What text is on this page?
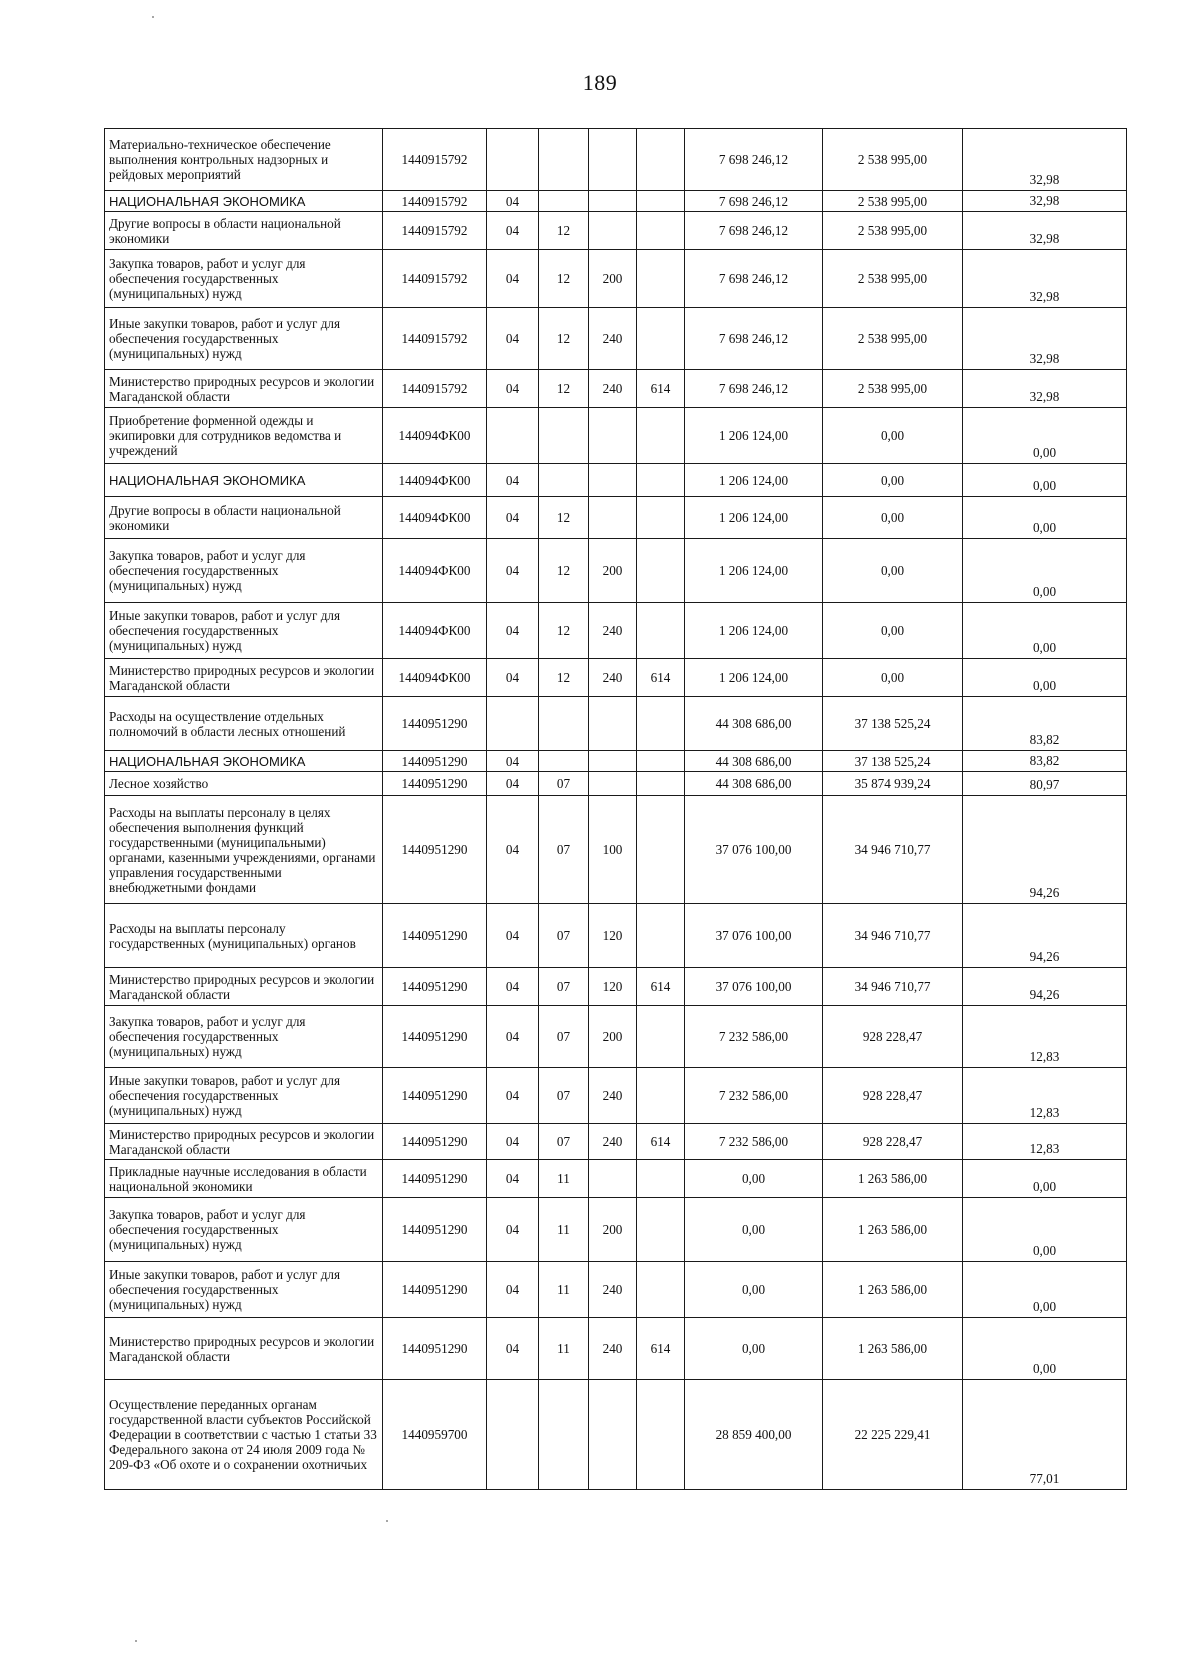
189
Материально-техническое обеспечение выполнения контрольных надзорных и рейдовых мероприятий	1440915792					7 698 246,12	2 538 995,00	32,98
НАЦИОНАЛЬНАЯ ЭКОНОМИКА	1440915792	04				7 698 246,12	2 538 995,00	32,98
Другие вопросы в области национальной экономики	1440915792	04	12			7 698 246,12	2 538 995,00	32,98
Закупка товаров, работ и услуг для обеспечения государственных (муниципальных) нужд	1440915792	04	12	200		7 698 246,12	2 538 995,00	32,98
Иные закупки товаров, работ и услуг для обеспечения государственных (муниципальных) нужд	1440915792	04	12	240		7 698 246,12	2 538 995,00	32,98
Министерство природных ресурсов и экологии Магаданской области	1440915792	04	12	240	614	7 698 246,12	2 538 995,00	32,98
Приобретение форменной одежды и экипировки для сотрудников ведомства и учреждений	144094ФК00					1 206 124,00	0,00	0,00
НАЦИОНАЛЬНАЯ ЭКОНОМИКА	144094ФК00	04				1 206 124,00	0,00	0,00
Другие вопросы в области национальной экономики	144094ФК00	04	12			1 206 124,00	0,00	0,00
Закупка товаров, работ и услуг для обеспечения государственных (муниципальных) нужд	144094ФК00	04	12	200		1 206 124,00	0,00	0,00
Иные закупки товаров, работ и услуг для обеспечения государственных (муниципальных) нужд	144094ФК00	04	12	240		1 206 124,00	0,00	0,00
Министерство природных ресурсов и экологии Магаданской области	144094ФК00	04	12	240	614	1 206 124,00	0,00	0,00
Расходы на осуществление отдельных полномочий в области лесных отношений	1440951290					44 308 686,00	37 138 525,24	83,82
НАЦИОНАЛЬНАЯ ЭКОНОМИКА	1440951290	04				44 308 686,00	37 138 525,24	83,82
Лесное хозяйство	1440951290	04	07			44 308 686,00	35 874 939,24	80,97
Расходы на выплаты персоналу в целях обеспечения выполнения функций государственными (муниципальными) органами, казенными учреждениями, органами управления государственными внебюджетными фондами	1440951290	04	07	100		37 076 100,00	34 946 710,77	94,26
Расходы на выплаты персоналу государственных (муниципальных) органов	1440951290	04	07	120		37 076 100,00	34 946 710,77	94,26
Министерство природных ресурсов и экологии Магаданской области	1440951290	04	07	120	614	37 076 100,00	34 946 710,77	94,26
Закупка товаров, работ и услуг для обеспечения государственных (муниципальных) нужд	1440951290	04	07	200		7 232 586,00	928 228,47	12,83
Иные закупки товаров, работ и услуг для обеспечения государственных (муниципальных) нужд	1440951290	04	07	240		7 232 586,00	928 228,47	12,83
Министерство природных ресурсов и экологии Магаданской области	1440951290	04	07	240	614	7 232 586,00	928 228,47	12,83
Прикладные научные исследования в области национальной экономики	1440951290	04	11			0,00	1 263 586,00	0,00
Закупка товаров, работ и услуг для обеспечения государственных (муниципальных) нужд	1440951290	04	11	200		0,00	1 263 586,00	0,00
Иные закупки товаров, работ и услуг для обеспечения государственных (муниципальных) нужд	1440951290	04	11	240		0,00	1 263 586,00	0,00
Министерство природных ресурсов и экологии Магаданской области	1440951290	04	11	240	614	0,00	1 263 586,00	0,00
Осуществление переданных органам государственной власти субъектов Российской Федерации в соответствии с частью 1 статьи 33 Федерального закона от 24 июля 2009 года № 209-ФЗ «Об охоте и о сохранении охотничьих	1440959700					28 859 400,00	22 225 229,41	77,01
